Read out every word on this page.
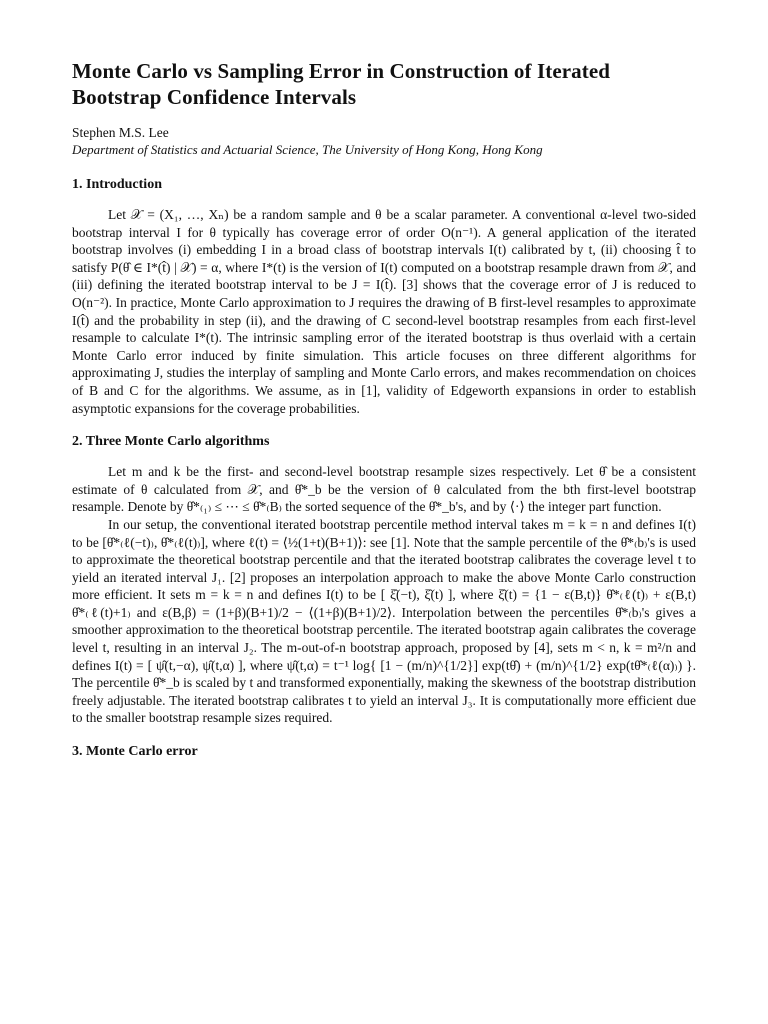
Monte Carlo vs Sampling Error in Construction of Iterated Bootstrap Confidence Intervals
Stephen M.S. Lee
Department of Statistics and Actuarial Science, The University of Hong Kong, Hong Kong
1. Introduction

Let 𝒳 = (X₁, …, Xₙ) be a random sample and θ be a scalar parameter. A conventional α-level two-sided bootstrap interval I for θ typically has coverage error of order O(n⁻¹). A general application of the iterated bootstrap involves (i) embedding I in a broad class of bootstrap intervals I(t) calibrated by t, (ii) choosing t̂ to satisfy P(θ̂ ∈ I*(t̂) | 𝒳) = α, where I*(t) is the version of I(t) computed on a bootstrap resample drawn from 𝒳, and (iii) defining the iterated bootstrap interval to be J = I(t̂). [3] shows that the coverage error of J is reduced to O(n⁻²). In practice, Monte Carlo approximation to J requires the drawing of B first-level resamples to approximate I(t̂) and the probability in step (ii), and the drawing of C second-level bootstrap resamples from each first-level resample to calculate I*(t). The intrinsic sampling error of the iterated bootstrap is thus overlaid with a certain Monte Carlo error induced by finite simulation. This article focuses on three different algorithms for approximating J, studies the interplay of sampling and Monte Carlo errors, and makes recommendation on choices of B and C for the algorithms. We assume, as in [1], validity of Edgeworth expansions in order to establish asymptotic expansions for the coverage probabilities.

2. Three Monte Carlo algorithms

Let m and k be the first- and second-level bootstrap resample sizes respectively. Let θ̂ be a consistent estimate of θ calculated from 𝒳, and θ̂*_b be the version of θ calculated from the bth first-level bootstrap resample. Denote by θ̂*₍₁₎ ≤ ⋯ ≤ θ̂*₍B₎ the sorted sequence of the θ̂*_b's, and by ⟨·⟩ the integer part function.

In our setup, the conventional iterated bootstrap percentile method interval takes m = k = n and defines I(t) to be [θ̂*₍ℓ(−t)₎, θ̂*₍ℓ(t)₎], where ℓ(t) = ⟨½(1+t)(B+1)⟩: see [1]. Note that the sample percentile of the θ̂*₍b₎'s is used to approximate the theoretical bootstrap percentile and that the iterated bootstrap calibrates the coverage level t to yield an iterated interval J₁. [2] proposes an interpolation approach to make the above Monte Carlo construction more efficient. It sets m = k = n and defines I(t) to be [ ξ̂(−t), ξ̂(t) ], where ξ̂(t) = {1 − ε(B,t)} θ̂*₍ℓ(t)₎ + ε(B,t) θ̂*₍ℓ(t)+1₎ and ε(B,β) = (1+β)(B+1)/2 − ⟨(1+β)(B+1)/2⟩. Interpolation between the percentiles θ̂*₍b₎'s gives a smoother approximation to the theoretical bootstrap percentile. The iterated bootstrap again calibrates the coverage level t, resulting in an interval J₂. The m-out-of-n bootstrap approach, proposed by [4], sets m < n, k = m²/n and defines I(t) = [ ψ̂(t,−α), ψ̂(t,α) ], where ψ̂(t,α) = t⁻¹ log{ [1 − (m/n)^{1/2}] exp(tθ̂) + (m/n)^{1/2} exp(tθ̂*₍ℓ(α)₎) }. The percentile θ̂*_b is scaled by t and transformed exponentially, making the skewness of the bootstrap distribution freely adjustable. The iterated bootstrap calibrates t to yield an interval J₃. It is computationally more efficient due to the smaller bootstrap resample sizes required.

3. Monte Carlo error
